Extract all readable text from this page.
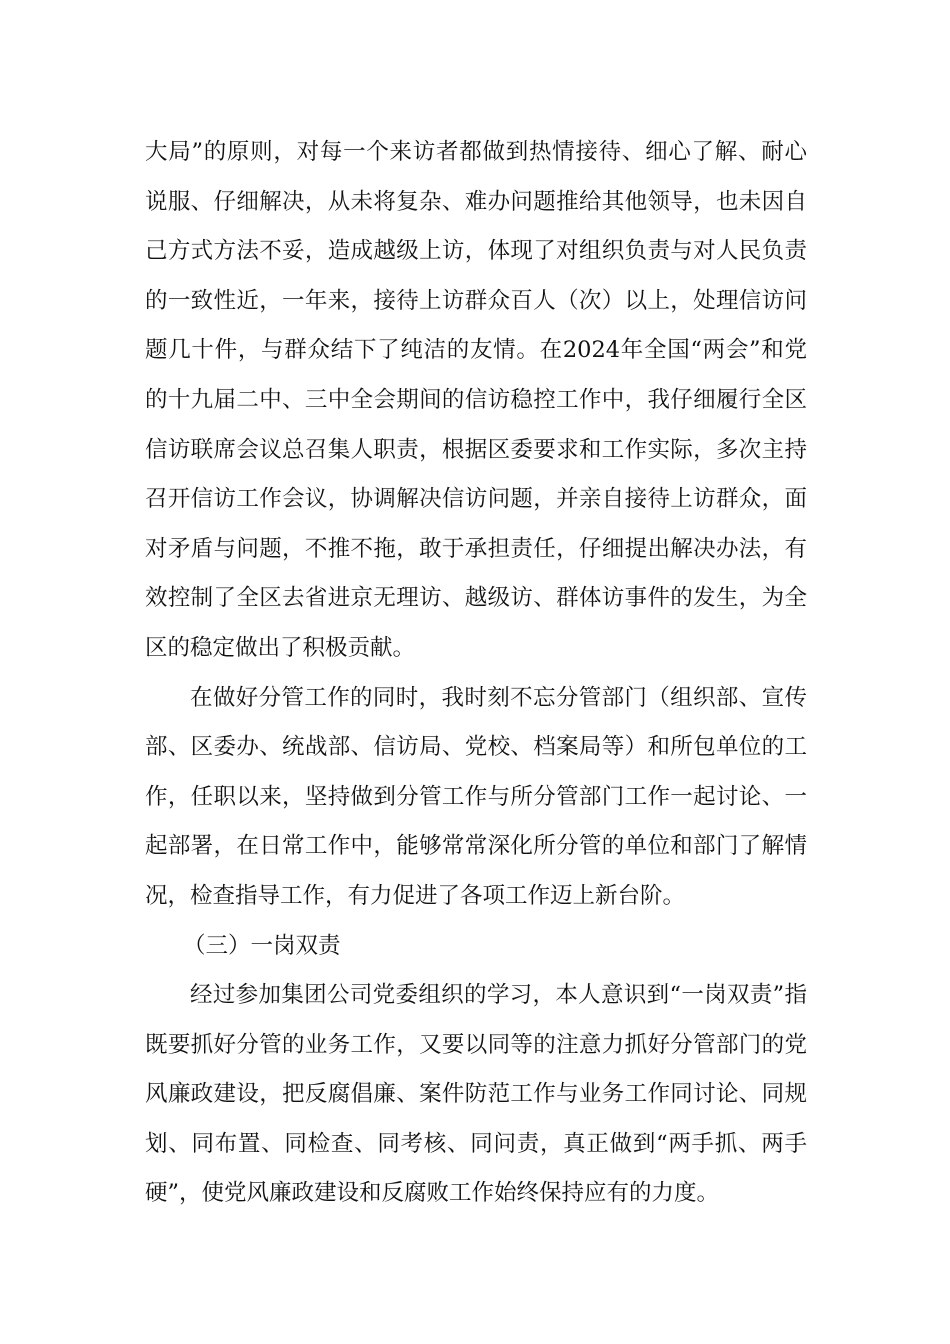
大局”的原则，对每一个来访者都做到热情接待、细心了解、耐心说服、仔细解决，从未将复杂、难办问题推给其他领导，也未因自己方式方法不妥，造成越级上访，体现了对组织负责与对人民负责的一致性近，一年来，接待上访群众百人（次）以上，处理信访问题几十件，与群众结下了纯洁的友情。在2024年全国“两会”和党的十九届二中、三中全会期间的信访稳控工作中，我仔细履行全区信访联席会议总召集人职责，根据区委要求和工作实际，多次主持召开信访工作会议，协调解决信访问题，并亲自接待上访群众，面对矛盾与问题，不推不拖，敢于承担责任，仔细提出解决办法，有效控制了全区去省进京无理访、越级访、群体访事件的发生，为全区的稳定做出了积极贡献。

在做好分管工作的同时，我时刻不忘分管部门（组织部、宣传部、区委办、统战部、信访局、党校、档案局等）和所包单位的工作，任职以来，坚持做到分管工作与所分管部门工作一起讨论、一起部署，在日常工作中，能够常常深化所分管的单位和部门了解情况，检查指导工作，有力促进了各项工作迈上新台阶。

（三）一岗双责

经过参加集团公司党委组织的学习，本人意识到“一岗双责”指既要抓好分管的业务工作，又要以同等的注意力抓好分管部门的党风廉政建设，把反腐倡廉、案件防范工作与业务工作同讨论、同规划、同布置、同检查、同考核、同问责，真正做到“两手抓、两手硬”，使党风廉政建设和反腐败工作始终保持应有的力度。
